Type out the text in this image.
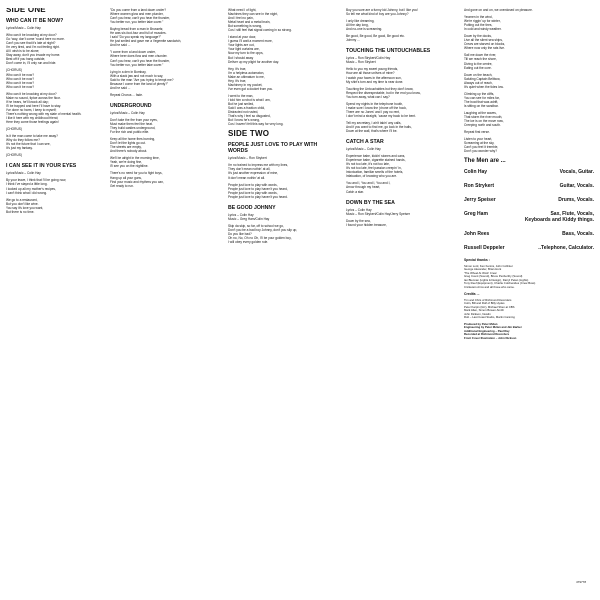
SIDE ONE
WHO CAN IT BE NOW?
Lyrics/Music – Colin Hay
Who can it be knocking at my door?
Go 'way, don't come 'round here no more.
Can't you see that it's late at night?
I'm very tired, and I'm not feeling right.
All I wish is to be alone;
Stay away, don't you invade my home.
Best off if you hang outside,
Don't come in, I'll only run and hide.
(CHORUS)
Who can it be now?
Who can it be now?
Who can it be now?
Who can it be now?
Who can it be knocking at my door?
Make no sound, tiptoe across the floor.
If he hears, he'll knock all day;
I'll be trapped and here I'll have to stay.
I've done no harm, I keep to myself;
There's nothing wrong with my state of mental health.
I like it here with my childhood friend;
Here they come those feelings again!
(CHORUS)
Is it the man come to take me away?
Why do they follow me?
It's not the future that I can see,
It's just my fantasy.
(CHORUS)
I CAN SEE IT IN YOUR EYES
Lyrics/Music – Colin Hay
By your leave, I think that I'll be going now,
I think I've stayed a little long.
I looked up all my mother's recipes,
I can't think what I did wrong.
We go to a restaurant,
But you don't like wine.
You say it's love you want,
But there is no time.
"Do you come from a land down under?
Where women glow and men plunder,
Can't you hear, can't you hear the thunder,
You better run, you better take cover."
Buying bread from a man in Brussels;
He was six-foot-four and full of muscles.
I said "Do you speak my language?"
He just smiled and gave me a Vegemite sandwich,
And he said ...
"I come from a land down under,
Where beer does flow and men chunder.
Can't you hear, can't you hear the thunder,
You better run, you better take cover."
Lying in a den in Bombay,
With a slack jaw and not much to say,
Said to the man "Are you trying to tempt me?
Because I come from the land of plenty?"
And he said ...
Repeat Chorus ... fade.
UNDERGROUND
Lyrics/Music – Colin Hay
Don't take the fire from your eyes,
Must make them feel the heat.
They build castles underground,
For the rich and public elite.
Keep all the home fires burning,
Don't let the lights go out.
The streets are empty,
And there's nobody about.
We'll be alright in the morning time,
Yeah, we're doing fine,
I'll see you on the nightline.
There's no need for you to fight boys,
Hang up all your guns,
Find your music and rhythms you can,
Get ready to run.
What need I of light,
Machines they can see in the night,
And I feel no pain,
Metal heart and a metal brain,
But something is wrong,
Cos I still feel that signal coming in so strong.
I stand at your door,
I guess I'll wait a moment more,
Your lights are out,
Your light curtains are,
Now my turn to fire opps,
But I should away
Deliver up my plight for another day.
Hey, it's true,
I'm a helpless automaton,
Make an ultimatum to me,
Hey, it's true,
Machinery in my pocket,
I've even got a docket from you.
I went to the man,
I told him a robot is what I am,
But he just smiled,
Said I was a fraction child,
Distracted not rusted,
That's why I feel so disgusted,
But I know he's wrong,
Cos I haven't felt this way for very long.
SIDE TWO
PEOPLE JUST LOVE TO PLAY WITH WORDS
Lyrics/Music – Ron Strykert
I'm no trained to impress me with my lines,
They don't mean nothin' at all,
It's just another expression of mine,
It don't mean nothin' at all.
People just love to play with words,
People just love to play haven't you heard,
People just love to play with words,
People just love to play haven't you heard.
BE GOOD JOHNNY
Lyrics – Colin Hay
Music – Greg Ham/Colin Hay
Skip da skip, so far, off to school we go,
Don't you be a bad boy Johnny, don't you slip up,
Do you like bad?
Oh no, No, Oh no Oh, I'll be your golden boy,
I will obey every golden rule.
Boy you sure are a funny kid Johnny, but I like you!
So tell me what kind of boy are you Johnny?
I only like dreaming,
All the day long,
And no-one is screaming.
Be good, Be good, Be good, Be good etc.
Johnny ...
TOUCHING THE UNTOUCHABLES
Lyrics – Ron Strykert/Colin Hay
Music – Ron Strykert
Hello to you my sweet young friends,
How are all those unlives of mine?
I watch your faces in the afternoon sun,
My shirt's torn and my time is near done.
Touching the Untouchables but they don't know,
Respect the disrespectable, but in the end you know,
You turn away, what can I say?
Spend my nights in the telephone booth,
I make sure I know the 'phone off the hook,
There are no Jones' and I pay no rent,
I don't mind a straight, 'cause my back to be bent.
Tell my secretary, I ain't takin' any calls,
And if you want to find me, go look in the halls,
Down at the wall, that's where I'll be.
CATCH A STAR
Lyrics/Music – Colin Hay
Experience babe, kickin' stones and cans,
Experience babe, cigarette stained hands,
It's not too late, it's not too late,
It's not too late, feel passion creepin' in,
Intoxication, familiar smells of the hotels,
Infatuation, of knowing who you are.
You and I, You and I, You and I,
Arrow through my heart,
Catch a star.
DOWN BY THE SEA
Lyrics – Colin Hay
Music – Ron Strykert/Colin Hay/Jerry Speiser
Down by the sea,
I found your hidden treasure,
And gone on and on, we overdosed on pleasure.
Yeomen in the wind,
We're riggin' up for winter,
Putting out the tires,
In cold and windy weather.
Down by the docks,
Live all the silent sea ships,
Crews are starved on blocks,
Where now only the rats live.
Sail me down the river,
Till we reach the shore,
Diving to the centre,
Eating out the core.
Down on the beach,
Saluting Captain Beltbow,
Always out of reach,
It's quiet when the tides low.
Climbing up the cliffs,
You can see for miles far,
The boat that was adrift,
Is sitting on the sandbar.
Laughing at the waves,
That storm the river mouth,
The ice is on the move now,
Creeping north and south.
Repeat first verse.
Listen to your heart,
Screaming at the sky,
Can't you feel it tremble,
Don't you wonder why?
The Men are ...
Colin Hay	Vocals, Guitar.
Ron Strykert	Guitar, Vocals.
Jerry Speiser	Drums, Vocals.
Greg Ham	Sax, Flute, Vocals,
Keyboards and Kiddy things.
John Rees	Bass, Vocals.
Russell Deppeler	..Telephone, Calculator.
Special thanks :
Simon Lord, Ken Kenins, John Collinter
George Alexander, Brian Hunt
'The Wheel At Work' Crew:
Greg Count (Sound), Bruce Penberthy (Sound)
Ian Blennan (Lights & Design), Darryl Petan (Lights)
Tony Reef (Equipment), Charlie Colchenides (Crew Boss)
Cricketers Arms and all those who came.
Credits ...
Tim and Chris of Richmond Recorders
Colin, Bill and Rolf of Billy Hydes
Peter Karpin (GC), Michael Shen at CBS
Mark Allen, Simon Bowen-Smith
John Dickson, Newlin
Rob – Last Coast Studio, Martin Canning
Produced by Peter McIan
Engineering by Peter McIan and Jim Barber
Additional Engineering – Paul Ray
Recorded at Richmond Recorders
Front Cover Illustration – John Dickson
479778
